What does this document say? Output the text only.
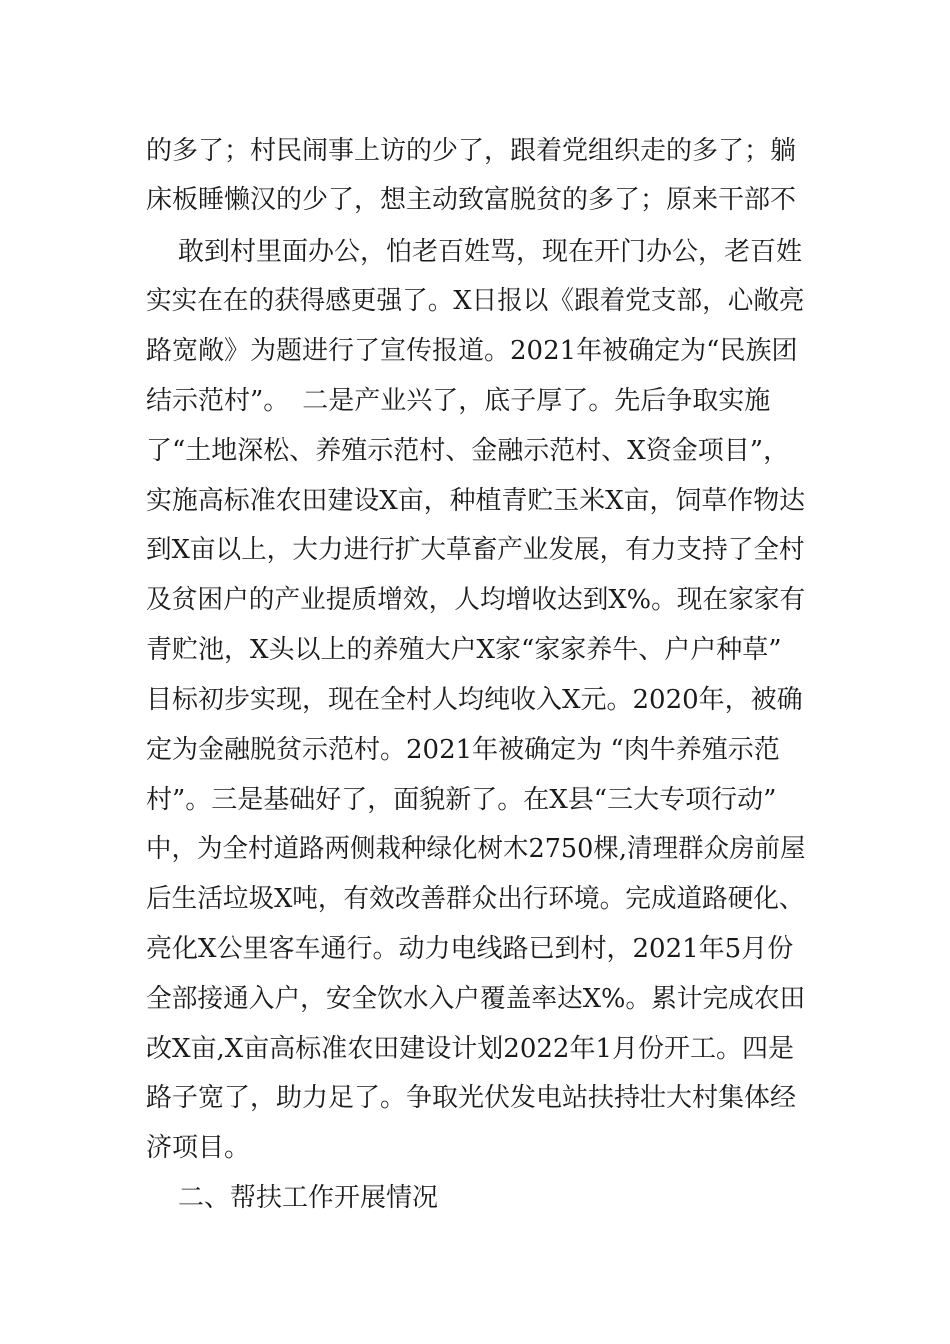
的多了；村民闹事上访的少了，跟着党组织走的多了；躺
床板睡懒汉的少了，想主动致富脱贫的多了；原来干部不
敢到村里面办公，怕老百姓骂，现在开门办公，老百姓
实实在在的获得感更强了。X日报以《跟着党支部，心敞亮
路宽敞》为题进行了宣传报道。2021年被确定为“民族团
结示范村”。　二是产业兴了，底子厚了。先后争取实施
了“土地深松、养殖示范村、金融示范村、X资金项目”，
实施高标准农田建设X亩，种植青贮玉米X亩，饲草作物达
到X亩以上，大力进行扩大草畜产业发展，有力支持了全村
及贫困户的产业提质增效，人均增收达到X%。现在家家有
青贮池，X头以上的养殖大户X家“家家养牛、户户种草”
目标初步实现，现在全村人均纯收入X元。2020年，被确
定为金融脱贫示范村。2021年被确定为 “肉牛养殖示范
村”。三是基础好了，面貌新了。在X县“三大专项行动”
中，为全村道路两侧栽种绿化树木2750棵,清理群众房前屋
后生活垃圾X吨，有效改善群众出行环境。完成道路硬化、
亮化X公里客车通行。动力电线路已到村，2021年5月份
全部接通入户，安全饮水入户覆盖率达X%。累计完成农田
改X亩,X亩高标准农田建设计划2022年1月份开工。四是
路子宽了，助力足了。争取光伏发电站扶持壮大村集体经
济项目。
二、帮扶工作开展情况
